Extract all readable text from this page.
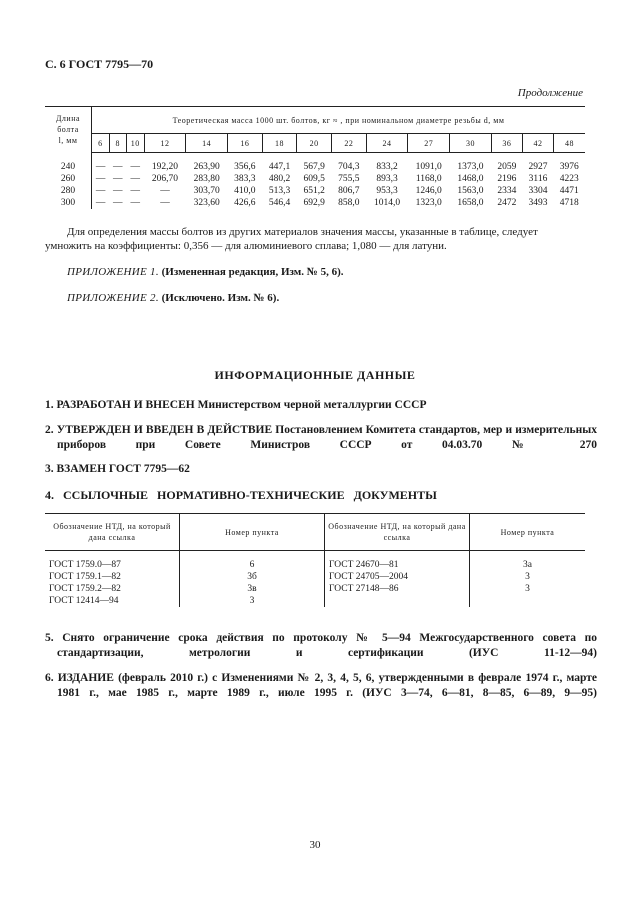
С. 6 ГОСТ 7795—70
Продолжение
Длина
болта
l, мм	Теоретическая масса 1000 шт. болтов, кг ≈ , при номинальном диаметре резьбы d, мм														
	6	8	10	12	14	16	18	20	22	24	27	30	36	42	48
240	—	—	—	192,20	263,90	356,6	447,1	567,9	704,3	833,2	1091,0	1373,0	2059	2927	3976
260	—	—	—	206,70	283,80	383,3	480,2	609,5	755,5	893,3	1168,0	1468,0	2196	3116	4223
280	—	—	—	—	303,70	410,0	513,3	651,2	806,7	953,3	1246,0	1563,0	2334	3304	4471
300	—	—	—	—	323,60	426,6	546,4	692,9	858,0	1014,0	1323,0	1658,0	2472	3493	4718
Для определения массы болтов из других материалов значения массы, указанные в таблице, следует умножить на коэффициенты: 0,356 — для алюминиевого сплава; 1,080 — для латуни.
ПРИЛОЖЕНИЕ 1. (Измененная редакция, Изм. № 5, 6).
ПРИЛОЖЕНИЕ 2. (Исключено. Изм. № 6).
ИНФОРМАЦИОННЫЕ ДАННЫЕ
1. РАЗРАБОТАН И ВНЕСЕН Министерством черной металлургии СССР
2. УТВЕРЖДЕН И ВВЕДЕН В ДЕЙСТВИЕ Постановлением Комитета стандартов, мер и измерительных приборов при Совете Министров СССР от 04.03.70 № 270
3. ВЗАМЕН ГОСТ 7795—62
4. ССЫЛОЧНЫЕ НОРМАТИВНО-ТЕХНИЧЕСКИЕ ДОКУМЕНТЫ
Обозначение НТД, на который дана ссылка	Номер пункта	Обозначение НТД, на который дана ссылка	Номер пункта
ГОСТ 1759.0—87	6	ГОСТ 24670—81	3а
ГОСТ 1759.1—82	3б	ГОСТ 24705—2004	3
ГОСТ 1759.2—82	3в	ГОСТ 27148—86	3
ГОСТ 12414—94	3		
5. Снято ограничение срока действия по протоколу № 5—94 Межгосударственного совета по стандартизации, метрологии и сертификации (ИУС 11-12—94)
6. ИЗДАНИЕ (февраль 2010 г.) с Изменениями № 2, 3, 4, 5, 6, утвержденными в феврале 1974 г., марте 1981 г., мае 1985 г., марте 1989 г., июле 1995 г. (ИУС 3—74, 6—81, 8—85, 6—89, 9—95)
30
